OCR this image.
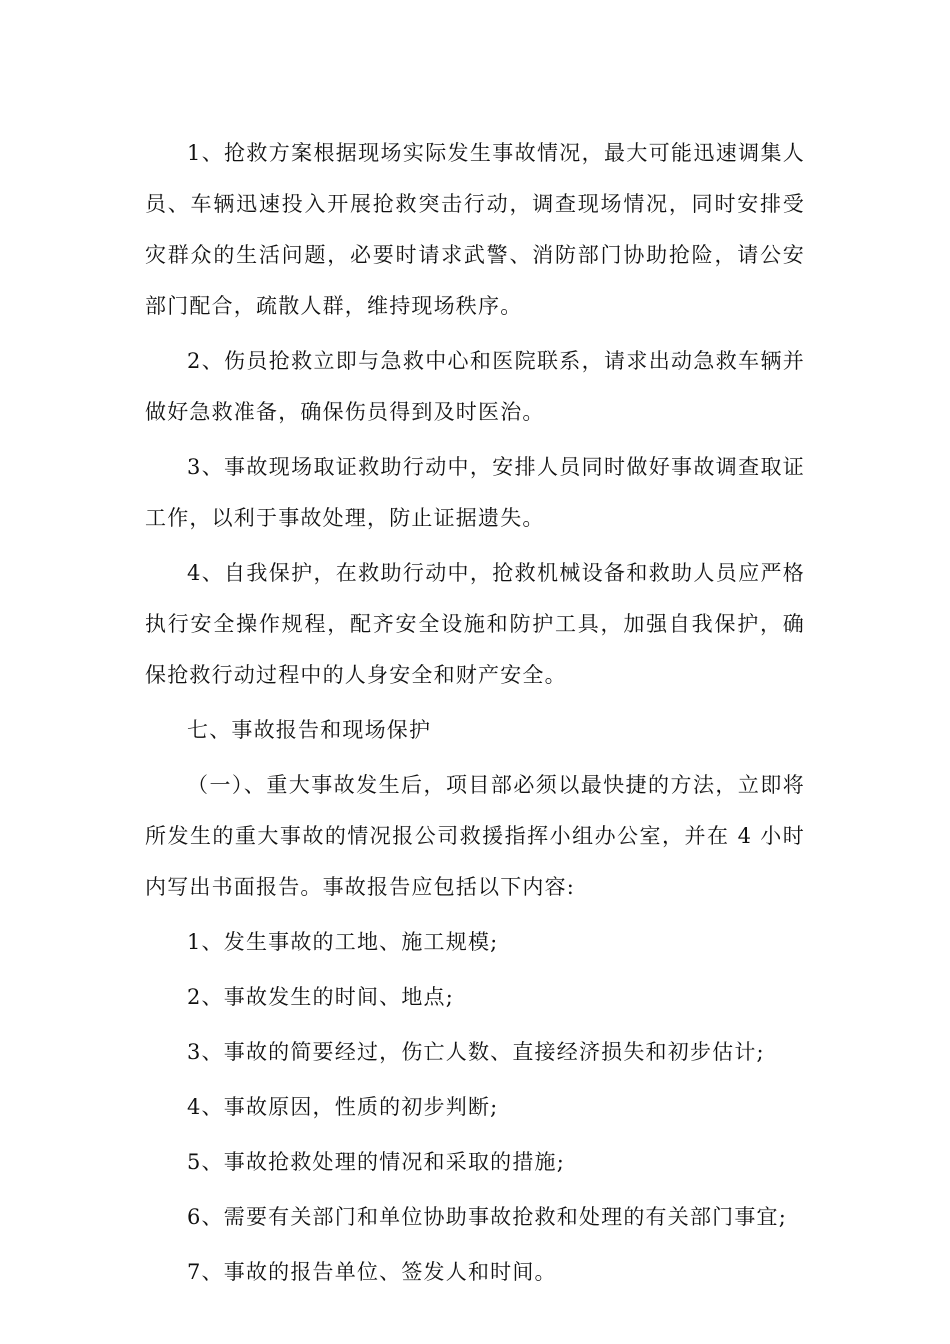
1、抢救方案根据现场实际发生事故情况，最大可能迅速调集人员、车辆迅速投入开展抢救突击行动，调查现场情况，同时安排受灾群众的生活问题，必要时请求武警、消防部门协助抢险，请公安部门配合，疏散人群，维持现场秩序。

2、伤员抢救立即与急救中心和医院联系，请求出动急救车辆并做好急救准备，确保伤员得到及时医治。

3、事故现场取证救助行动中，安排人员同时做好事故调查取证工作，以利于事故处理，防止证据遗失。

4、自我保护，在救助行动中，抢救机械设备和救助人员应严格执行安全操作规程，配齐安全设施和防护工具，加强自我保护，确保抢救行动过程中的人身安全和财产安全。

七、事故报告和现场保护

（一）、重大事故发生后，项目部必须以最快捷的方法，立即将所发生的重大事故的情况报公司救援指挥小组办公室，并在 4 小时内写出书面报告。事故报告应包括以下内容:

1、发生事故的工地、施工规模;

2、事故发生的时间、地点;

3、事故的简要经过，伤亡人数、直接经济损失和初步估计;

4、事故原因，性质的初步判断;

5、事故抢救处理的情况和采取的措施;

6、需要有关部门和单位协助事故抢救和处理的有关部门事宜;

7、事故的报告单位、签发人和时间。
